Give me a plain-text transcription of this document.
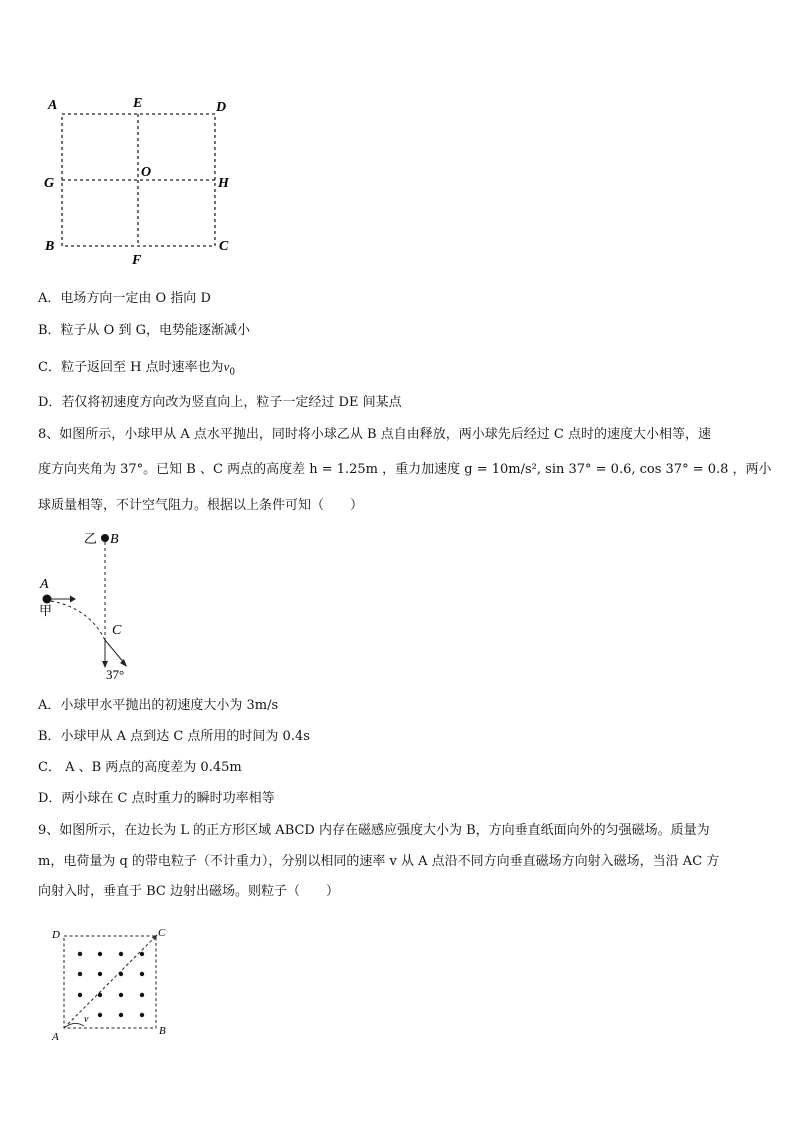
A	E	D
G
O
H
B
F
C
A．电场方向一定由 O 指向 D
B．粒子从 O 到 G，电势能逐渐减小
C．粒子返回至 H 点时速率也为$v_0$
D．若仅将初速度方向改为竖直向上，粒子一定经过 DE 间某点
8、如图所示，小球甲从 A 点水平抛出，同时将小球乙从 B 点自由释放，两小球先后经过 C 点时的速度大小相等，速
度方向夹角为 37°。已知 B 、C 两点的高度差 h = 1.25m ，重力加速度 g = 10m/s², sin 37° = 0.6, cos 37° = 0.8 ，两小
球质量相等，不计空气阻力。根据以上条件可知（　　）
乙 B
A
甲
C
37°
A．小球甲水平抛出的初速度大小为 3m/s
B．小球甲从 A 点到达 C 点所用的时间为 0.4s
C． A 、B 两点的高度差为 0.45m
D．两小球在 C 点时重力的瞬时功率相等
9、如图所示，在边长为 L 的正方形区域 ABCD 内存在磁感应强度大小为 B，方向垂直纸面向外的匀强磁场。质量为
m，电荷量为 q 的带电粒子（不计重力），分别以相同的速率 v 从 A 点沿不同方向垂直磁场方向射入磁场，当沿 AC 方
向射入时，垂直于 BC 边射出磁场。则粒子（　　）
D	C
A	B
v
